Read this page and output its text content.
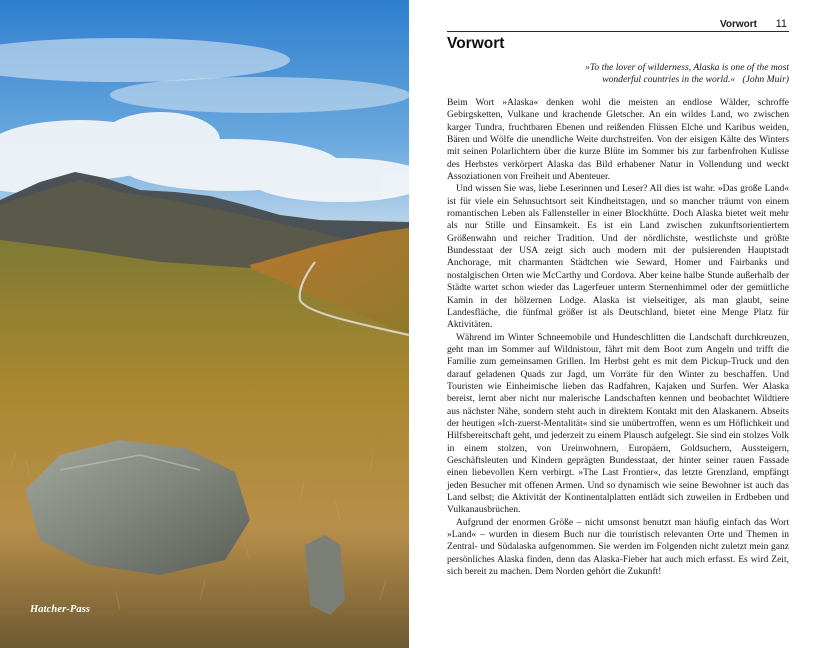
Hatcher-Pass
Vorwort 11
Vorwort
»To the lover of wilderness, Alaska is one of the most
wonderful countries in the world.« (John Muir)

Beim Wort »Alaska« denken wohl die meisten an endlose Wälder, schroffe Gebirgsketten, Vulkane und krachende Gletscher. An ein wildes Land, wo zwischen karger Tundra, fruchtbaren Ebenen und reißenden Flüssen Elche und Karibus weiden, Bären und Wölfe die unendliche Weite durchstreifen. Von der eisigen Kälte des Winters mit seinen Polarlichtern über die kurze Blüte im Sommer bis zur farbenfrohen Kulisse des Herbstes verkörpert Alaska das Bild erhabener Natur in Vollendung und weckt Assoziationen von Freiheit und Abenteuer.

Und wissen Sie was, liebe Leserinnen und Leser? All dies ist wahr. »Das große Land« ist für viele ein Sehnsuchtsort seit Kindheitstagen, und so mancher träumt von einem romantischen Leben als Fallensteller in einer Blockhütte. Doch Alaska bietet weit mehr als nur Stille und Einsamkeit. Es ist ein Land zwischen zukunftsorientiertem Größenwahn und reicher Tradition. Und der nördlichste, westlichste und größte Bundesstaat der USA zeigt sich auch modern mit der pulsierenden Hauptstadt Anchorage, mit charmanten Städtchen wie Seward, Homer und Fairbanks und nostalgischen Orten wie McCarthy und Cordova. Aber keine halbe Stunde außerhalb der Städte wartet schon wieder das Lagerfeuer unterm Sternenhimmel oder der gemütliche Kamin in der hölzernen Lodge. Alaska ist vielseitiger, als man glaubt, seine Landesfläche, die fünfmal größer ist als Deutschland, bietet eine Menge Platz für Aktivitäten.

Während im Winter Schneemobile und Hundeschlitten die Landschaft durchkreuzen, geht man im Sommer auf Wildnistour, fährt mit dem Boot zum Angeln und trifft die Familie zum gemeinsamen Grillen. Im Herbst geht es mit dem Pickup-Truck und den darauf geladenen Quads zur Jagd, um Vorräte für den Winter zu beschaffen. Und Touristen wie Einheimische lieben das Radfahren, Kajaken und Surfen. Wer Alaska bereist, lernt aber nicht nur malerische Landschaften kennen und beobachtet Wildtiere aus nächster Nähe, sondern steht auch in direktem Kontakt mit den Alaskanern. Abseits der heutigen »Ich-zuerst-Mentalität« sind sie unübertroffen, wenn es um Höflichkeit und Hilfsbereitschaft geht, und jederzeit zu einem Plausch aufgelegt. Sie sind ein stolzes Volk in einem stolzen, von Ureinwohnern, Europäern, Goldsuchern, Aussteigern, Geschäftsleuten und Kindern geprägten Bundesstaat, der hinter seiner rauen Fassade einen liebevollen Kern verbirgt. »The Last Frontier«, das letzte Grenzland, empfängt jeden Besucher mit offenen Armen. Und so dynamisch wie seine Bewohner ist auch das Land selbst; die Aktivität der Kontinentalplatten entlädt sich zuweilen in Erdbeben und Vulkanausbrüchen.

Aufgrund der enormen Größe – nicht umsonst benutzt man häufig einfach das Wort »Land« – wurden in diesem Buch nur die touristisch relevanten Orte und Themen in Zentral- und Südalaska aufgenommen. Sie werden im Folgenden nicht zuletzt mein ganz persönliches Alaska finden, denn das Alaska-Fieber hat auch mich erfasst. Es wird Zeit, sich bereit zu machen. Dem Norden gehört die Zukunft!
